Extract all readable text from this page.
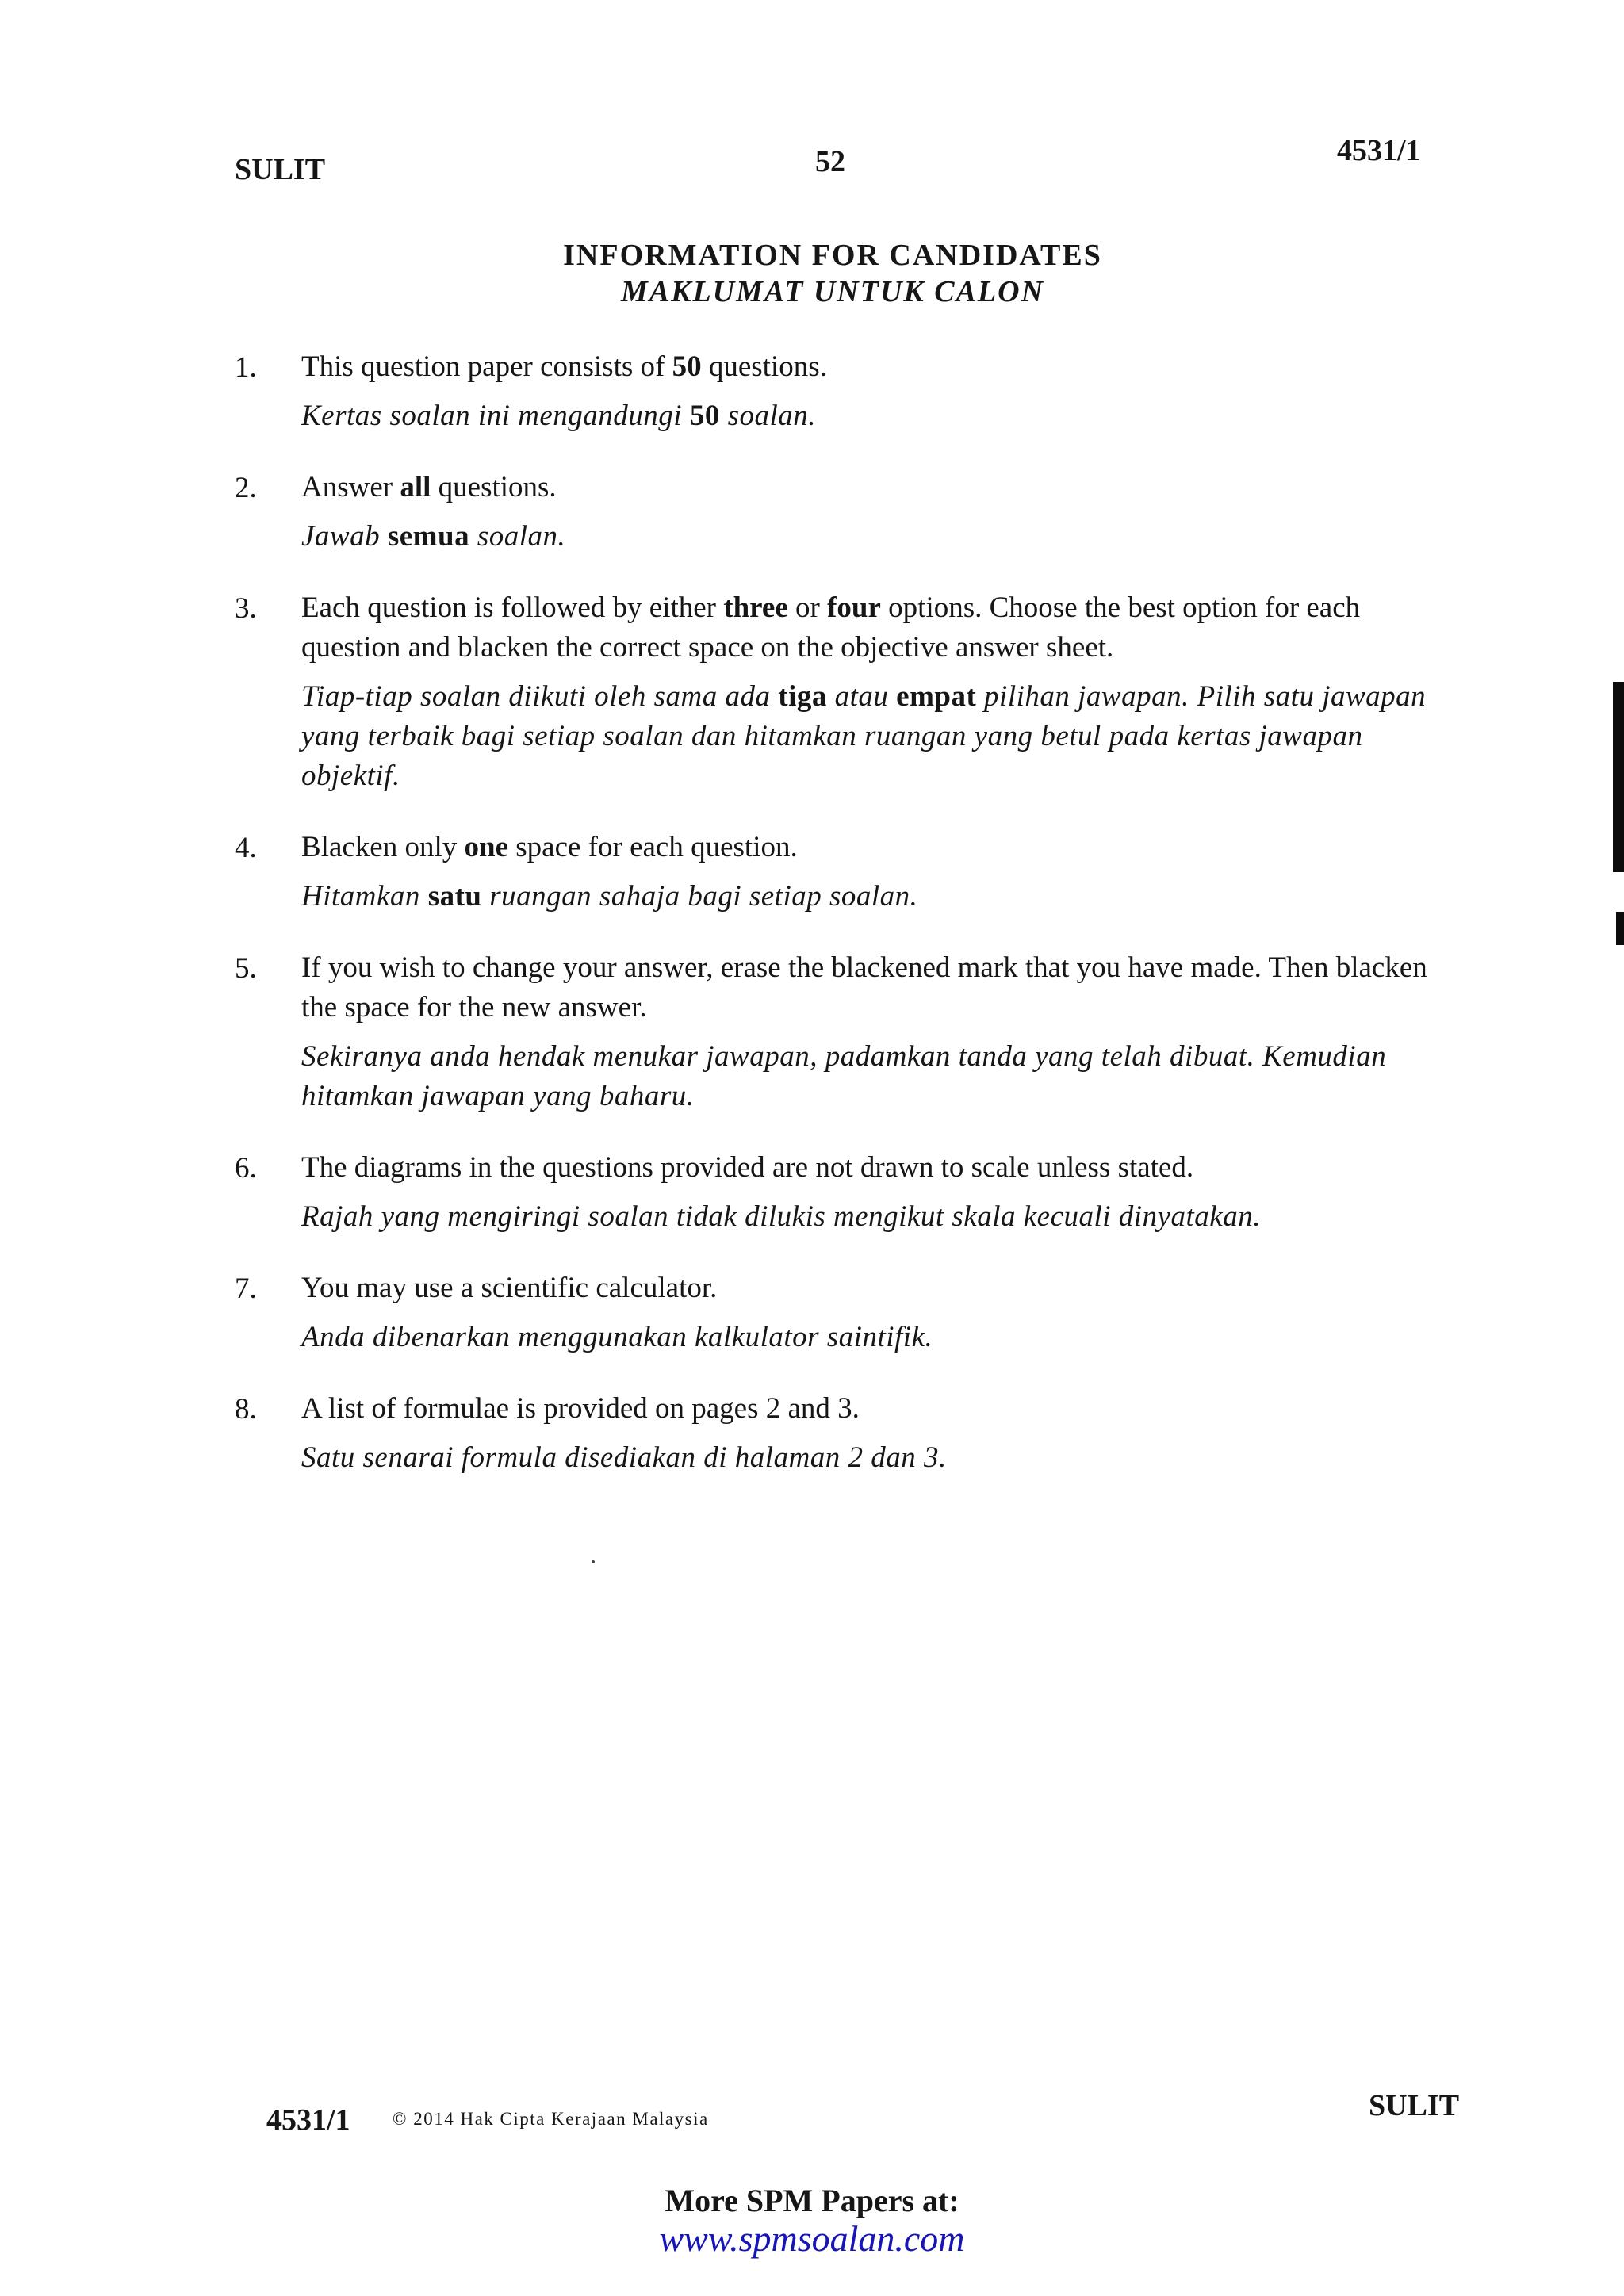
SULIT	52	4531/1
INFORMATION FOR CANDIDATES
MAKLUMAT UNTUK CALON
1.	This question paper consists of 50 questions.
Kertas soalan ini mengandungi 50 soalan.
2.	Answer all questions.
Jawab semua soalan.
3.	Each question is followed by either three or four options. Choose the best option for each question and blacken the correct space on the objective answer sheet.
Tiap-tiap soalan diikuti oleh sama ada tiga atau empat pilihan jawapan. Pilih satu jawapan yang terbaik bagi setiap soalan dan hitamkan ruangan yang betul pada kertas jawapan objektif.
4.	Blacken only one space for each question.
Hitamkan satu ruangan sahaja bagi setiap soalan.
5.	If you wish to change your answer, erase the blackened mark that you have made. Then blacken the space for the new answer.
Sekiranya anda hendak menukar jawapan, padamkan tanda yang telah dibuat. Kemudian hitamkan jawapan yang baharu.
6.	The diagrams in the questions provided are not drawn to scale unless stated.
Rajah yang mengiringi soalan tidak dilukis mengikut skala kecuali dinyatakan.
7.	You may use a scientific calculator.
Anda dibenarkan menggunakan kalkulator saintifik.
8.	A list of formulae is provided on pages 2 and 3.
Satu senarai formula disediakan di halaman 2 dan 3.
4531/1 © 2014 Hak Cipta Kerajaan Malaysia	SULIT
More SPM Papers at:
www.spmsoalan.com
